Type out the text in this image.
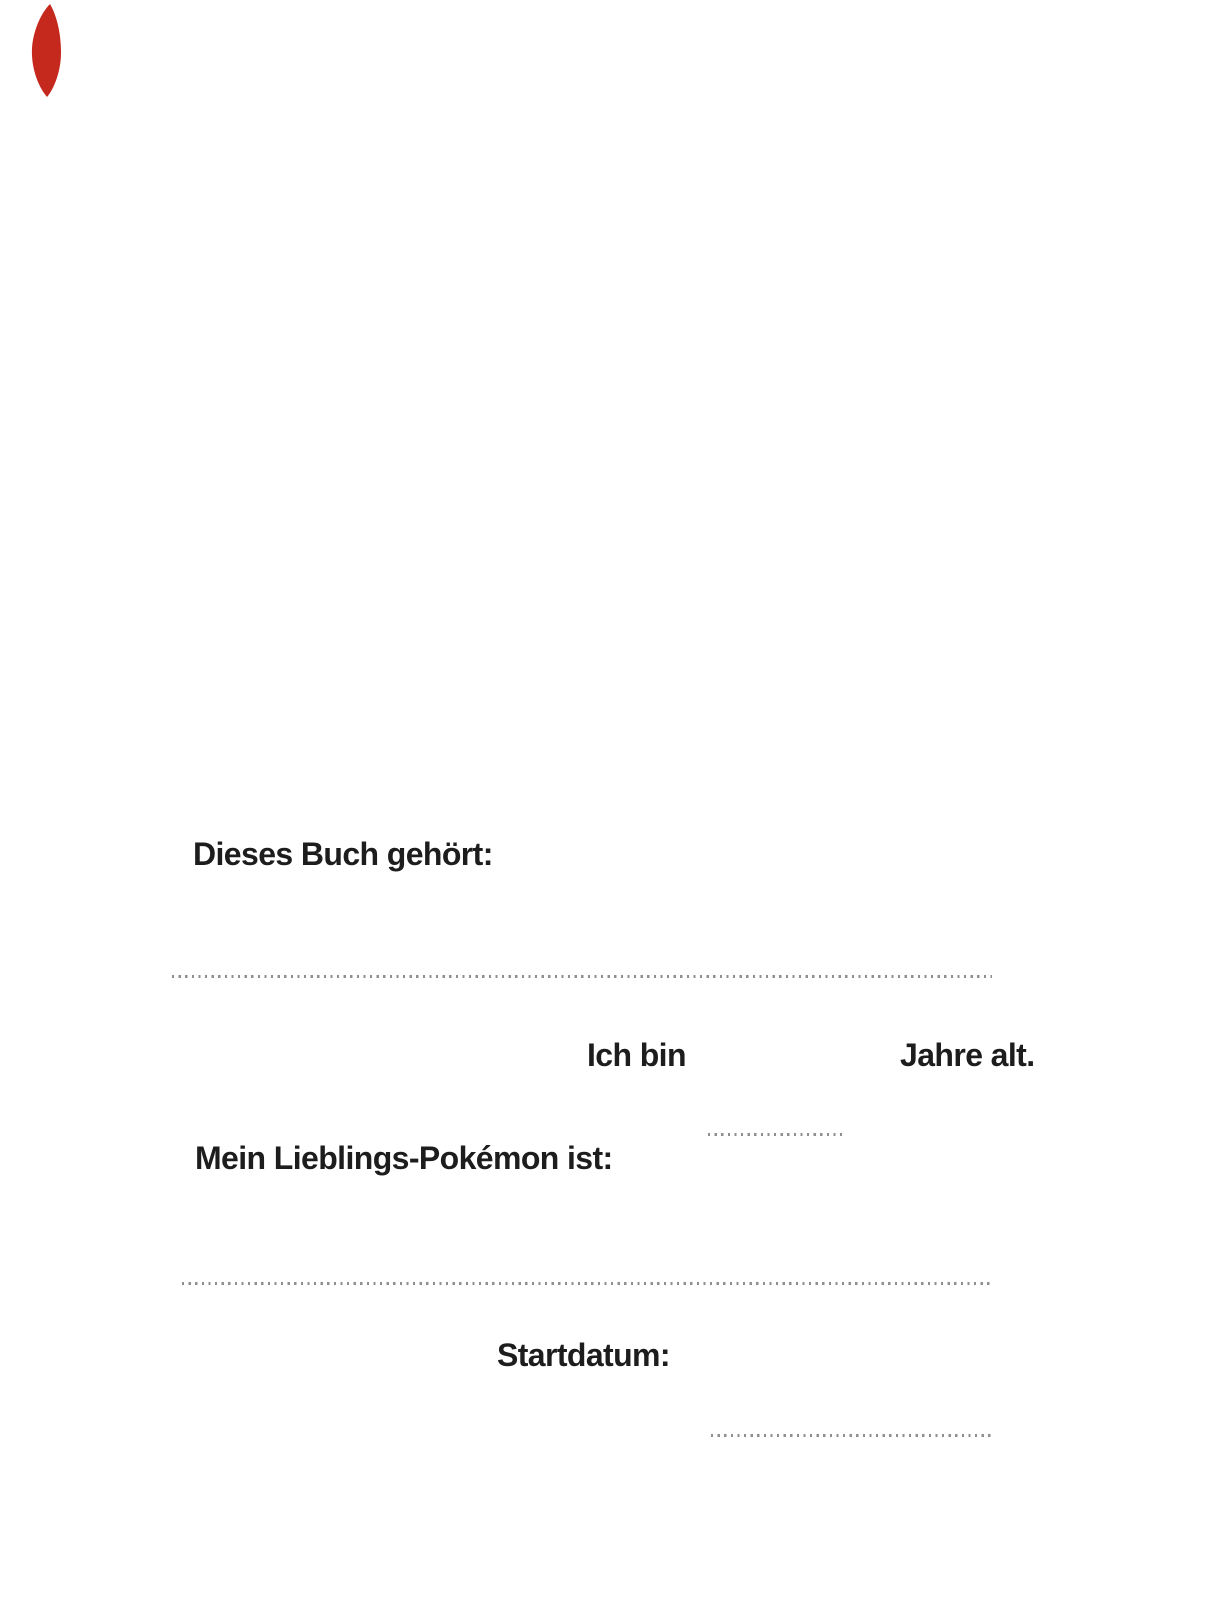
Dieses Buch gehört:
Ich bin	Jahre alt.
Mein Lieblings-Pokémon ist:
Startdatum:
